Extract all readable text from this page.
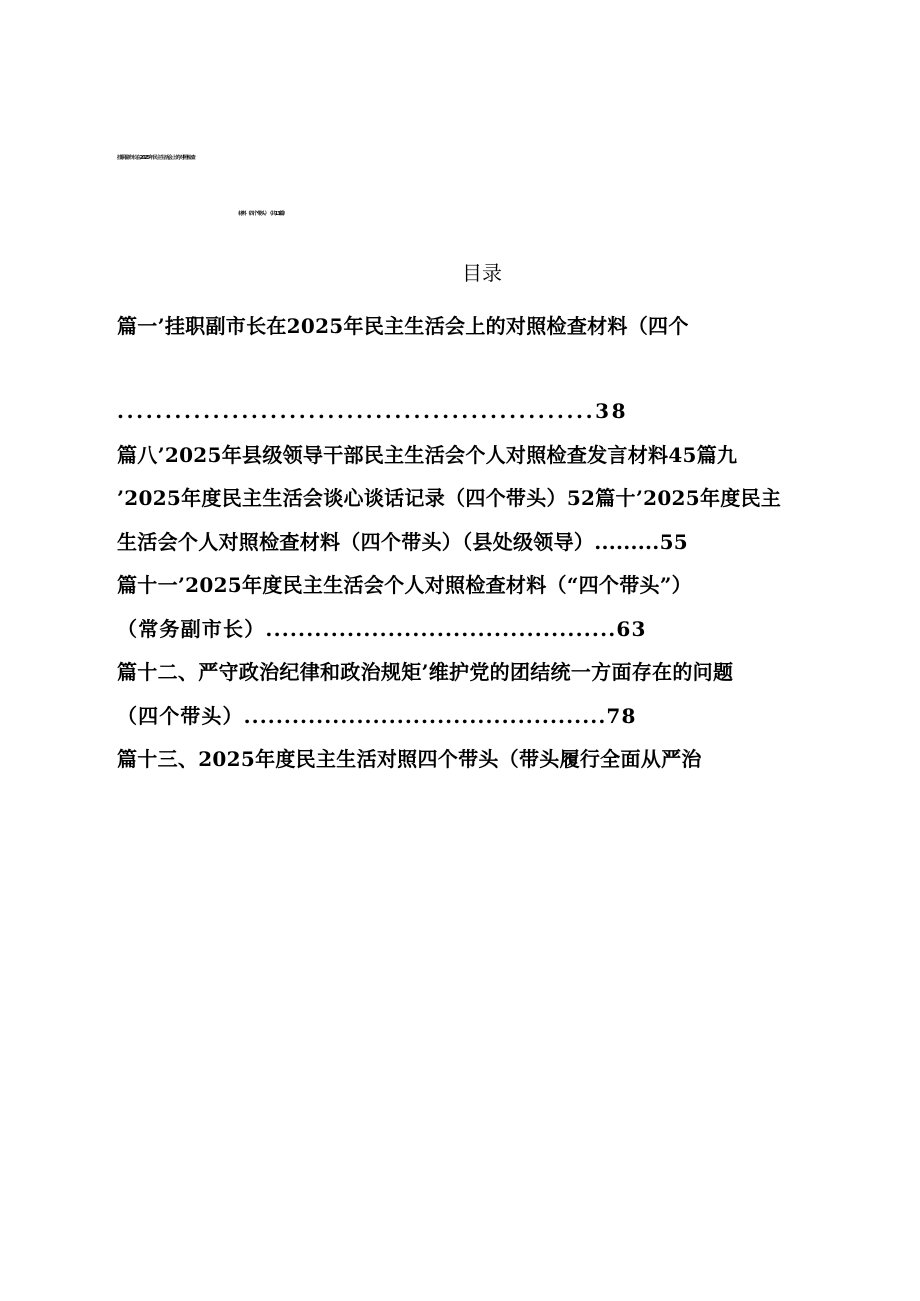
挂职副市长在2025年民主生活会上的对照检查
材料（四个带头）　（共13篇）
目录
篇一’挂职副市长在2025年民主生活会上的对照检查材料（四个
..................................................38
篇八’2025年县级领导干部民主生活会个人对照检查发言材料45篇九
’2025年度民主生活会谈心谈话记录（四个带头）52篇十’2025年度民主
生活会个人对照检查材料（四个带头）（县处级领导）.........55
篇十一’2025年度民主生活会个人对照检查材料（“四个带头”）
（常务副市长）...........................................63
篇十二、严守政治纪律和政治规矩’维护党的团结统一方面存在的问题
（四个带头）.............................................78
篇十三、2025年度民主生活对照四个带头（带头履行全面从严治
